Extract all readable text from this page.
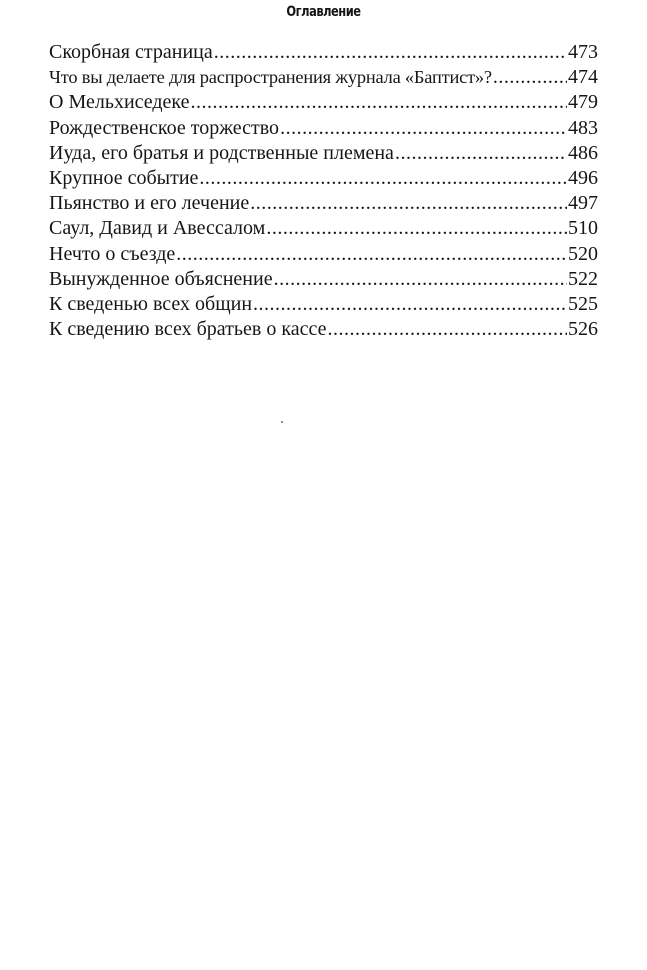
Оглавление
Скорбная страница .....	473
Что вы делаете для распространения журнала «Баптист»? .....	474
О Мельхиседеке .....	479
Рождественское торжество .....	483
Иуда, его братья и родственные племена .....	486
Крупное событие .....	496
Пьянство и его лечение .....	497
Саул, Давид и Авессалом .....	510
Нечто о съезде .....	520
Вынужденное объяснение .....	522
К сведенью всех общин .....	525
К сведению всех братьев о кассе .....	526
